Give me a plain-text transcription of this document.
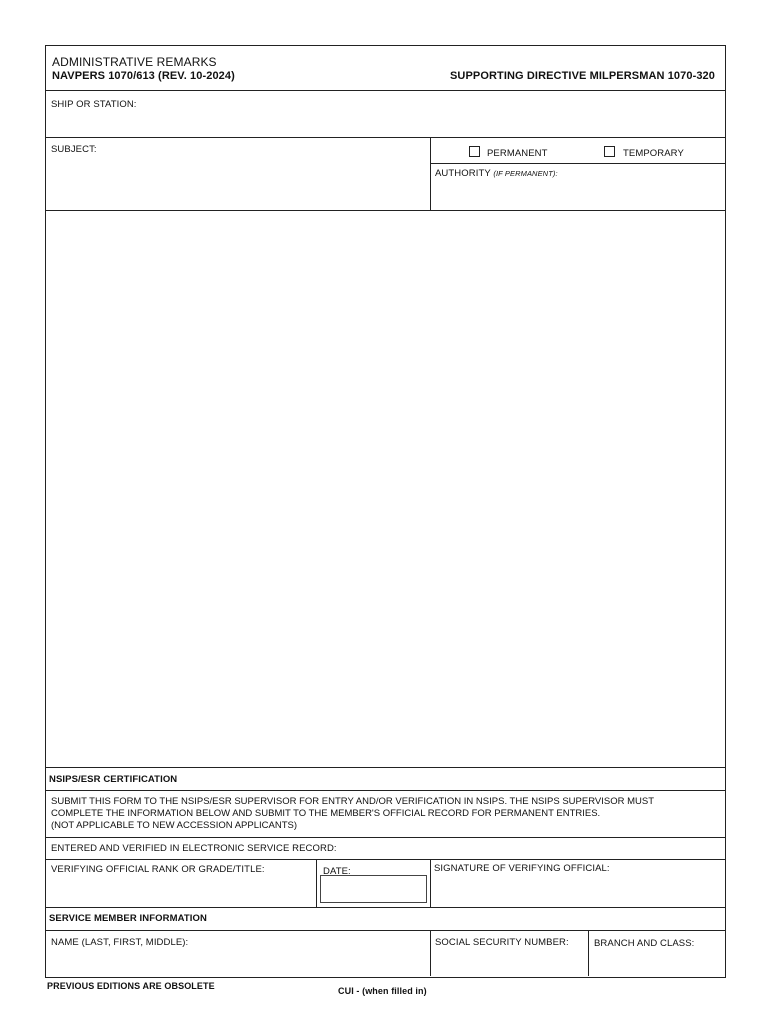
ADMINISTRATIVE REMARKS
NAVPERS 1070/613 (REV. 10-2024)	SUPPORTING DIRECTIVE MILPERSMAN 1070-320
SHIP OR STATION:
SUBJECT:	PERMANENT	TEMPORARY
AUTHORITY (IF PERMANENT):
NSIPS/ESR CERTIFICATION
SUBMIT THIS FORM TO THE NSIPS/ESR SUPERVISOR FOR ENTRY AND/OR VERIFICATION IN NSIPS. THE NSIPS SUPERVISOR MUST
COMPLETE THE INFORMATION BELOW AND SUBMIT TO THE MEMBER'S OFFICIAL RECORD FOR PERMANENT ENTRIES.
(NOT APPLICABLE TO NEW ACCESSION APPLICANTS)
ENTERED AND VERIFIED IN ELECTRONIC SERVICE RECORD:
VERIFYING OFFICIAL RANK OR GRADE/TITLE:	DATE:	SIGNATURE OF VERIFYING OFFICIAL:
SERVICE MEMBER INFORMATION
NAME (LAST, FIRST, MIDDLE):	SOCIAL SECURITY NUMBER:	BRANCH AND CLASS:
PREVIOUS EDITIONS ARE OBSOLETE	CUI - (when filled in)
